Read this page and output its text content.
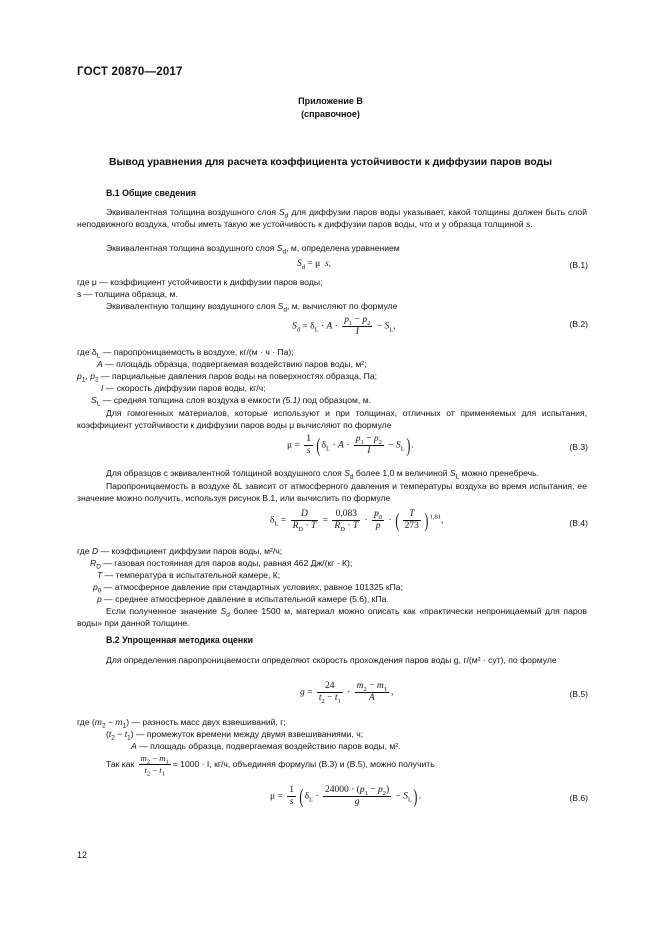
ГОСТ 20870—2017
Приложение В
(справочное)
Вывод уравнения для расчета коэффициента устойчивости к диффузии паров воды
В.1 Общие сведения
Эквивалентная толщина воздушного слоя $S_d$ для диффузии паров воды указывает, какой толщины должен быть слой неподвижного воздуха, чтобы иметь такую же устойчивость к диффузии паров воды, что и у образца толщиной s.
Эквивалентная толщина воздушного слоя $S_d$, м, определена уравнением
$S_d = \mu$  s,	(В.1)
где μ — коэффициент устойчивости к диффузии паров воды;
s — толщина образца, м.
Эквивалентную толщину воздушного слоя $S_d$, м, вычисляют по формуле
$S_d = \delta_L \cdot A \cdot \frac{p_1 - p_2}{I} - S_L$,	(В.2)
где $\delta_L$ — паропроницаемость в воздухе, кг/(м · ч · Па);
A — площадь образца, подвергаемая воздействию паров воды, м²;
$p_1$, $p_2$ — парциальные давления паров воды на поверхностях образца, Па;
I — скорость диффузии паров воды, кг/ч;
$S_L$ — средняя толщина слоя воздуха в емкости (5.1) под образцом, м.
Для гомогенных материалов, которые используют и при толщинах, отличных от применяемых для испытания, коэффициент устойчивости к диффузии паров воды μ вычисляют по формуле
$\mu = \frac{1}{s} (\delta_L \cdot A \cdot \frac{p_1 - p_2}{I} - S_L)$.	(В.3)
Для образцов с эквивалентной толщиной воздушного слоя $S_d$ более 1,0 м величиной $S_L$ можно пренебречь.
Паропроницаемость в воздухе δL зависит от атмосферного давления и температуры воздуха во время испытания, ее значение можно получить, используя рисунок В.1, или вычислить по формуле
$\delta_L = \frac{D}{R_D \cdot T} = \frac{0,083}{R_D \cdot T} \cdot \frac{p_0}{p}$ · ( $\frac{T}{273} )^{1,81}$,	(В.4)
где D — коэффициент диффузии паров воды, м²/ч;
$R_D$ — газовая постоянная для паров воды, равная 462 Дж/(кг · К);
T — температура в испытательной камере, К;
$p_0$ — атмосферное давление при стандартных условиях, равное 101325 кПа;
p — среднее атмосферное давление в испытательной камере (5.6), кПа.
Если полученное значение $S_d$ более 1500 м, материал можно описать как «практически непроницаемый для паров воды» при данной толщине.
В.2 Упрощенная методика оценки
Для определения паропроницаемости определяют скорость прохождения паров воды g, г/(м² · сут), по формуле
$g = \frac{24}{t_2 - t_1} \cdot \frac{m_2 - m_1}{A}$ ,	(В.5)
где $(m_2 - m_1)$ — разность масс двух взвешиваний, г;
$(t_2 - t_1)$ — промежуток времени между двумя взвешиваниями, ч;
A — площадь образца, подвергаемая воздействию паров воды, м².
Так как $\frac{m_2 - m_1}{t_2 - t_1} = 1000 \cdot I$, кг/ч, объединяя формулы (В.3) и (В.5), можно получить
$\mu = \frac{1}{s} (\delta_L \cdot \frac{24000 \cdot (p_1 - p_2)}{g} - S_L)$.	(В.6)
12
